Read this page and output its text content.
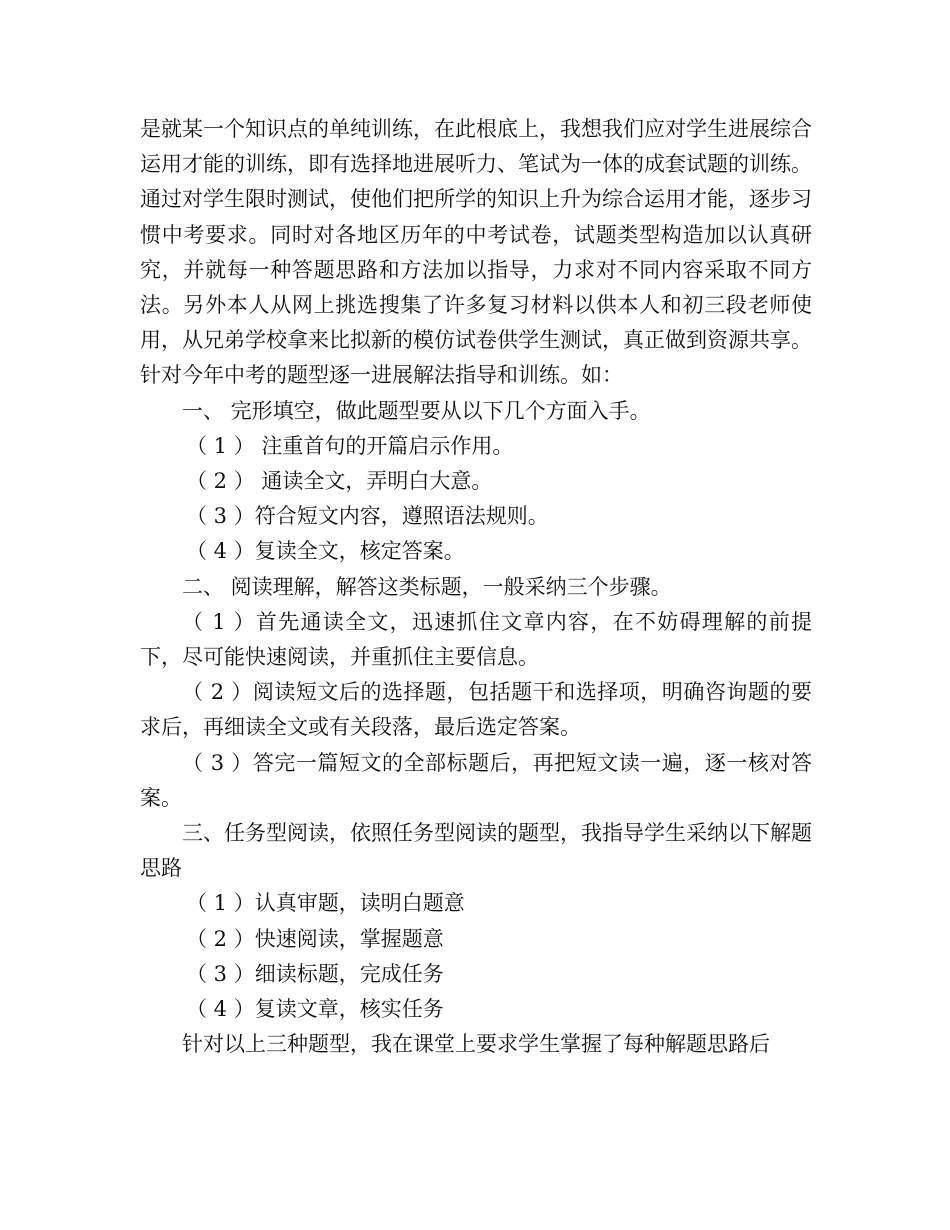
是就某一个知识点的单纯训练，在此根底上，我想我们应对学生进展综合运用才能的训练，即有选择地进展听力、笔试为一体的成套试题的训练。通过对学生限时测试，使他们把所学的知识上升为综合运用才能，逐步习惯中考要求。同时对各地区历年的中考试卷，试题类型构造加以认真研究，并就每一种答题思路和方法加以指导，力求对不同内容采取不同方法。另外本人从网上挑选搜集了许多复习材料以供本人和初三段老师使用，从兄弟学校拿来比拟新的模仿试卷供学生测试，真正做到资源共享。针对今年中考的题型逐一进展解法指导和训练。如：

一、 完形填空，做此题型要从以下几个方面入手。

（ 1 ） 注重首句的开篇启示作用。

（ 2 ） 通读全文，弄明白大意。

（ 3 ）符合短文内容，遵照语法规则。

（ 4 ）复读全文，核定答案。

二、 阅读理解，解答这类标题，一般采纳三个步骤。

（ 1 ）首先通读全文，迅速抓住文章内容，在不妨碍理解的前提下，尽可能快速阅读，并重抓住主要信息。

（ 2 ）阅读短文后的选择题，包括题干和选择项，明确咨询题的要求后，再细读全文或有关段落，最后选定答案。

（ 3 ）答完一篇短文的全部标题后，再把短文读一遍，逐一核对答案。

三、任务型阅读，依照任务型阅读的题型，我指导学生采纳以下解题思路

（ 1 ）认真审题，读明白题意

（ 2 ）快速阅读，掌握题意

（ 3 ）细读标题，完成任务

（ 4 ）复读文章，核实任务

针对以上三种题型，我在课堂上要求学生掌握了每种解题思路后
